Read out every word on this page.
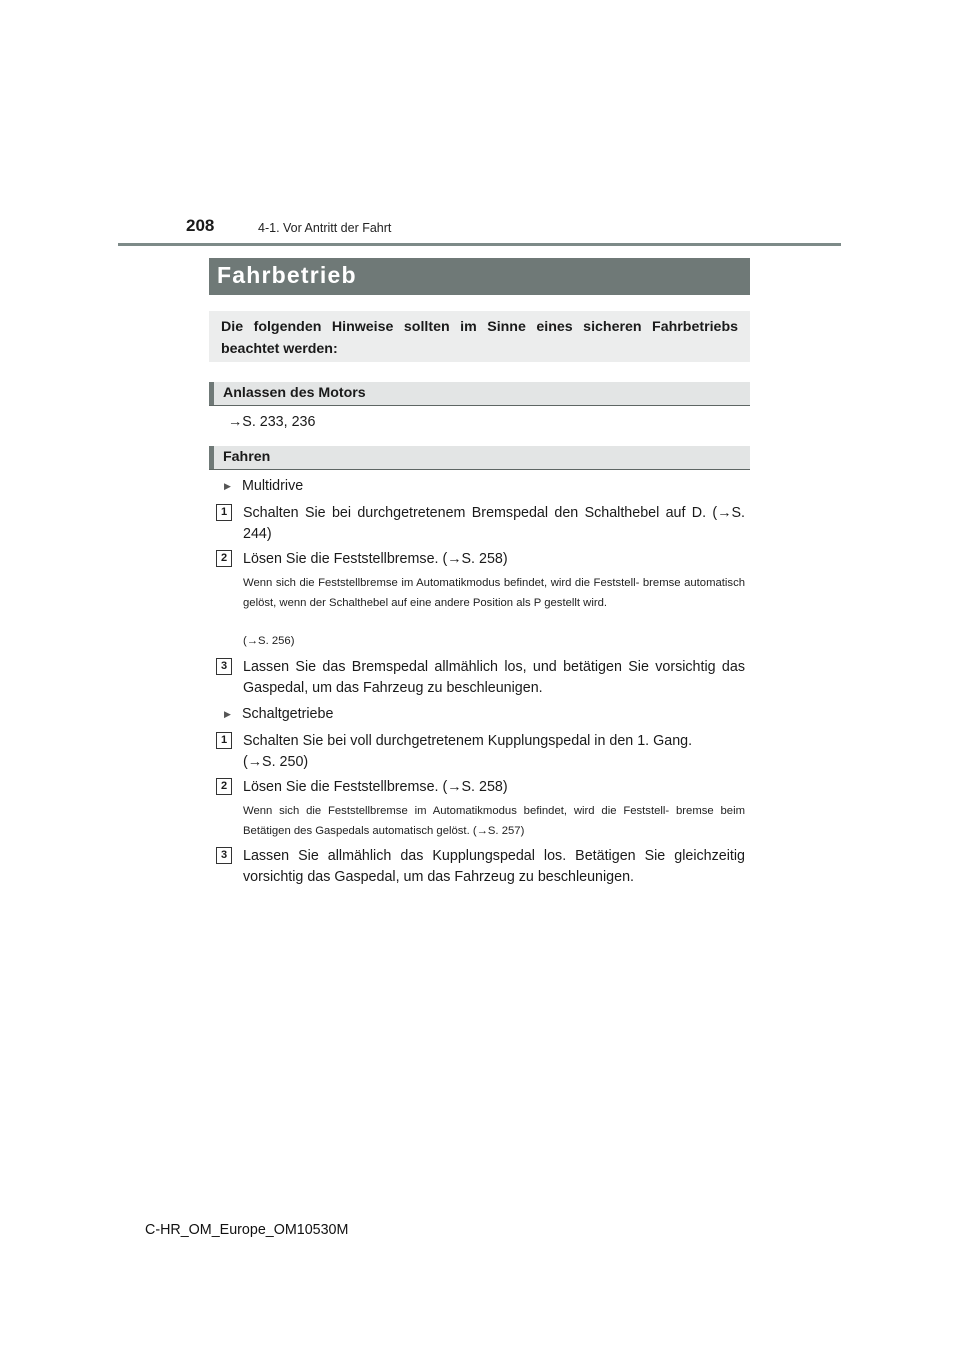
208	4-1. Vor Antritt der Fahrt
Fahrbetrieb

Die folgenden Hinweise sollten im Sinne eines sicheren Fahrbetriebs beachtet werden:

Anlassen des Motors
→S. 233, 236
Fahren
▶ Multidrive
1	Schalten Sie bei durchgetretenem Bremspedal den Schalthebel auf D. (→S. 244)
2	Lösen Sie die Feststellbremse. (→S. 258)
Wenn sich die Feststellbremse im Automatikmodus befindet, wird die Feststell- bremse automatisch gelöst, wenn der Schalthebel auf eine andere Position als P gestellt wird.
(→S. 256)
3	Lassen Sie das Bremspedal allmählich los, und betätigen Sie vorsichtig das Gaspedal, um das Fahrzeug zu beschleunigen.
▶ Schaltgetriebe
1	Schalten Sie bei voll durchgetretenem Kupplungspedal in den 1. Gang.
(→S. 250)
2	Lösen Sie die Feststellbremse. (→S. 258)
Wenn sich die Feststellbremse im Automatikmodus befindet, wird die Feststell- bremse beim Betätigen des Gaspedals automatisch gelöst. (→S. 257)
3	Lassen Sie allmählich das Kupplungspedal los. Betätigen Sie gleichzeitig vorsichtig das Gaspedal, um das Fahrzeug zu beschleunigen.
C-HR_OM_Europe_OM10530M
